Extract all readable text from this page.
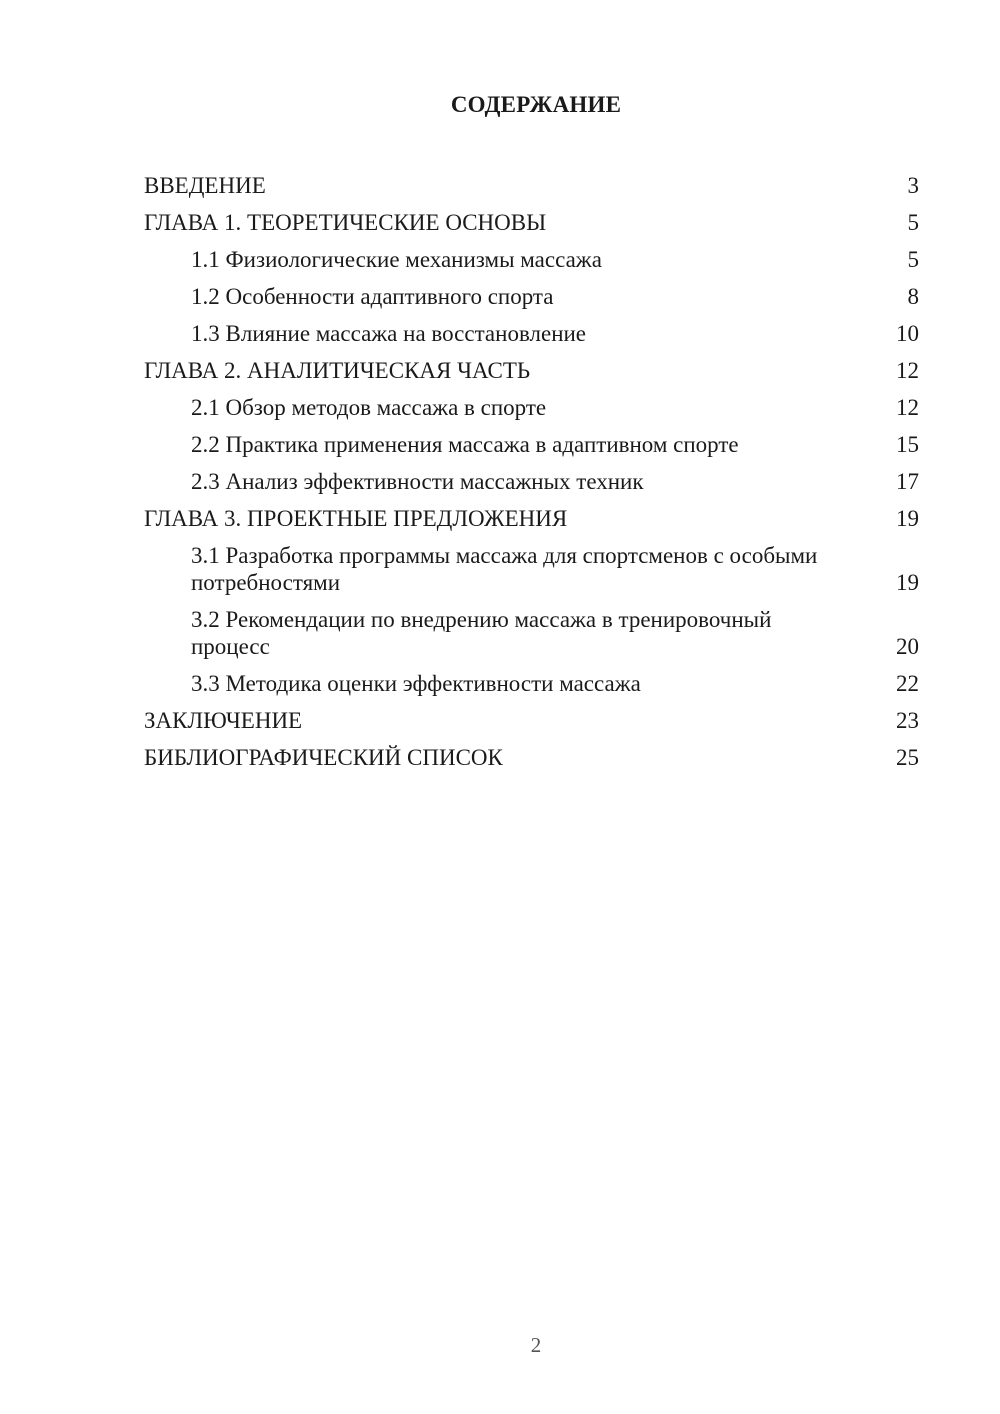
СОДЕРЖАНИЕ
ВВЕДЕНИЕ	3
ГЛАВА 1. ТЕОРЕТИЧЕСКИЕ ОСНОВЫ	5
1.1 Физиологические механизмы массажа	5
1.2 Особенности адаптивного спорта	8
1.3 Влияние массажа на восстановление	10
ГЛАВА 2. АНАЛИТИЧЕСКАЯ ЧАСТЬ	12
2.1 Обзор методов массажа в спорте	12
2.2 Практика применения массажа в адаптивном спорте	15
2.3 Анализ эффективности массажных техник	17
ГЛАВА 3. ПРОЕКТНЫЕ ПРЕДЛОЖЕНИЯ	19
3.1 Разработка программы массажа для спортсменов с особыми потребностями	19
3.2 Рекомендации по внедрению массажа в тренировочный процесс	20
3.3 Методика оценки эффективности массажа	22
ЗАКЛЮЧЕНИЕ	23
БИБЛИОГРАФИЧЕСКИЙ СПИСОК	25
2
